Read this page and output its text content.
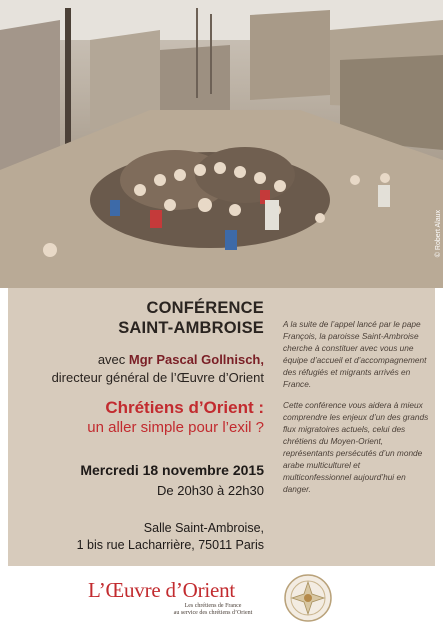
© Robert Alaux
CONFÉRENCE
SAINT-AMBROISE
avec Mgr Pascal Gollnisch,
directeur général de l’Œuvre d’Orient
Chrétiens d’Orient :
un aller simple pour l’exil ?
Mercredi 18 novembre 2015
De 20h30 à 22h30
Salle Saint-Ambroise,
1 bis rue Lacharrière, 75011 Paris

A la suite de l’appel lancé par le pape François, la paroisse Saint-Ambroise cherche à constituer avec vous une équipe d’accueil et d’accompagnement des réfugiés et migrants arrivés en France.

Cette conférence vous aidera à mieux comprendre les enjeux d’un des grands flux migratoires actuels, celui des chrétiens du Moyen-Orient, représentants persécutés d’un monde arabe multiculturel et multiconfessionnel aujourd’hui en danger.

L’Œuvre d’Orient
Les chrétiens de France
au service des chrétiens d’Orient
